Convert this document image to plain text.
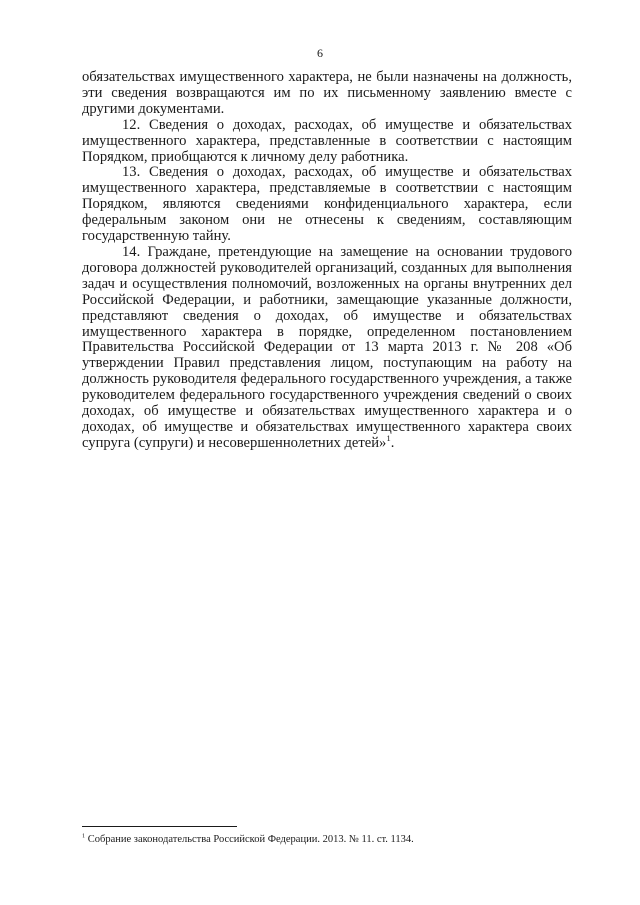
6

обязательствах имущественного характера, не были назначены на должность, эти сведения возвращаются им по их письменному заявлению вместе с другими документами.

12. Сведения о доходах, расходах, об имуществе и обязательствах имущественного характера, представленные в соответствии с настоящим Порядком, приобщаются к личному делу работника.

13. Сведения о доходах, расходах, об имуществе и обязательствах имущественного характера, представляемые в соответствии с настоящим Порядком, являются сведениями конфиденциального характера, если федеральным законом они не отнесены к сведениям, составляющим государственную тайну.

14. Граждане, претендующие на замещение на основании трудового договора должностей руководителей организаций, созданных для выполнения задач и осуществления полномочий, возложенных на органы внутренних дел Российской Федерации, и работники, замещающие указанные должности, представляют сведения о доходах, об имуществе и обязательствах имущественного характера в порядке, определенном постановлением Правительства Российской Федерации от 13 марта 2013 г. № 208 «Об утверждении Правил представления лицом, поступающим на работу на должность руководителя федерального государственного учреждения, а также руководителем федерального государственного учреждения сведений о своих доходах, об имуществе и обязательствах имущественного характера и о доходах, об имуществе и обязательствах имущественного характера своих супруга (супруги) и несовершеннолетних детей»$^1$.

$^1$ Собрание законодательства Российской Федерации. 2013. № 11. ст. 1134.
